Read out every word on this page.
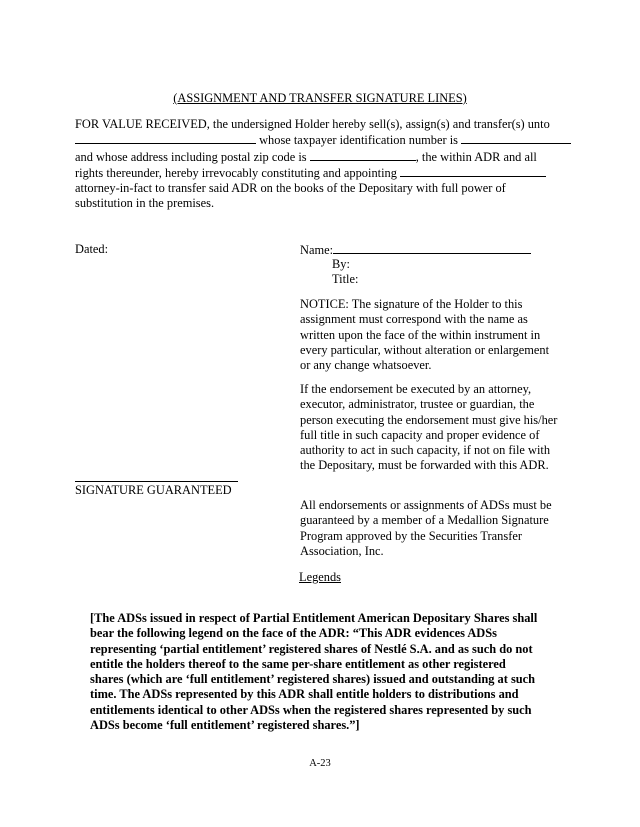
(ASSIGNMENT AND TRANSFER SIGNATURE LINES)
FOR VALUE RECEIVED, the undersigned Holder hereby sell(s), assign(s) and transfer(s) unto
whose taxpayer identification number is
and whose address including postal zip code is	, the within ADR and all
rights thereunder, hereby irrevocably constituting and appointing
attorney-in-fact to transfer said ADR on the books of the Depositary with full power of
substitution in the premises.
Dated:	Name:
By:
Title:
NOTICE: The signature of the Holder to this
assignment must correspond with the name as
written upon the face of the within instrument in
every particular, without alteration or enlargement
or any change whatsoever.
If the endorsement be executed by an attorney,
executor, administrator, trustee or guardian, the
person executing the endorsement must give his/her
full title in such capacity and proper evidence of
authority to act in such capacity, if not on file with
the Depositary, must be forwarded with this ADR.
SIGNATURE GUARANTEED
All endorsements or assignments of ADSs must be
guaranteed by a member of a Medallion Signature
Program approved by the Securities Transfer
Association, Inc.
Legends
[The ADSs issued in respect of Partial Entitlement American Depositary Shares shall
bear the following legend on the face of the ADR: “This ADR evidences ADSs
representing ‘partial entitlement’ registered shares of Nestlé S.A. and as such do not
entitle the holders thereof to the same per-share entitlement as other registered
shares (which are ‘full entitlement’ registered shares) issued and outstanding at such
time. The ADSs represented by this ADR shall entitle holders to distributions and
entitlements identical to other ADSs when the registered shares represented by such
ADSs become ‘full entitlement’ registered shares.”]
A-23
